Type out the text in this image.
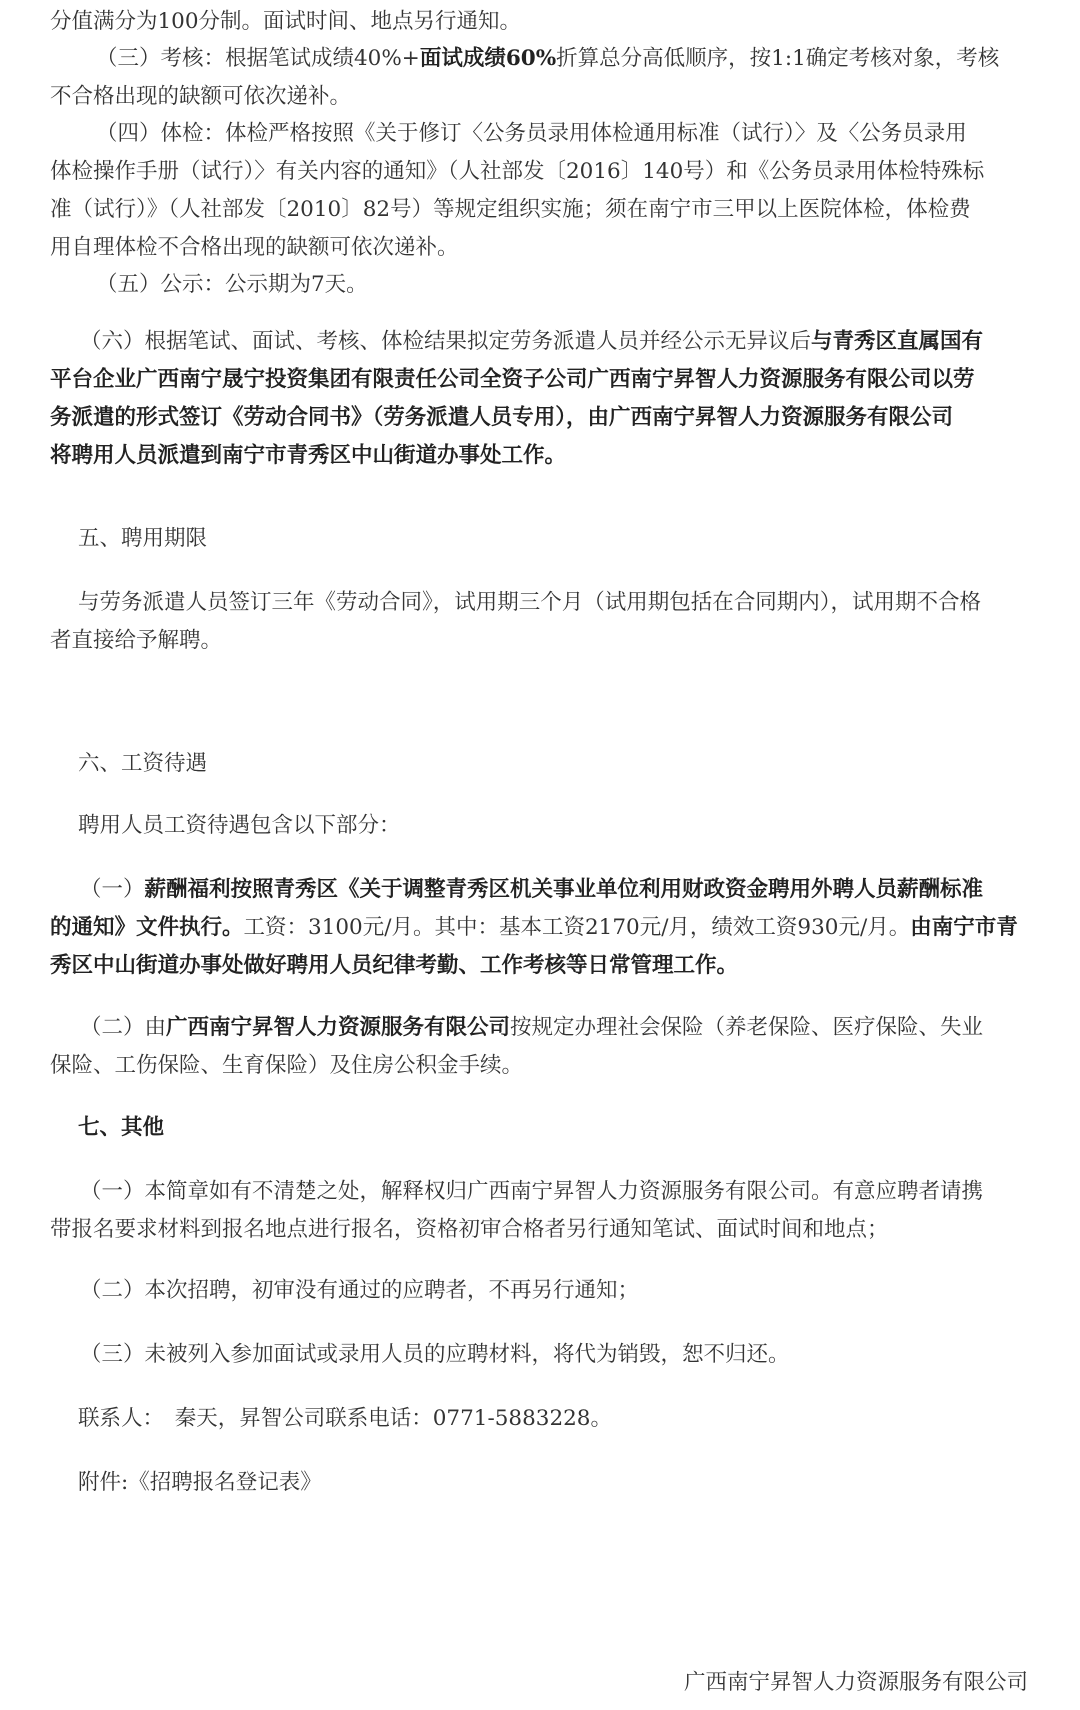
分值满分为100分制。面试时间、地点另行通知。

（三）考核：根据笔试成绩40%+面试成绩60%折算总分高低顺序，按1:1确定考核对象，考核
不合格出现的缺额可依次递补。

（四）体检：体检严格按照《关于修订〈公务员录用体检通用标准（试行）〉及〈公务员录用
体检操作手册（试行）〉有关内容的通知》（人社部发〔2016〕140号）和《公务员录用体检特殊标
准（试行）》（人社部发〔2010〕82号）等规定组织实施；须在南宁市三甲以上医院体检，体检费
用自理体检不合格出现的缺额可依次递补。

（五）公示：公示期为7天。

（六）根据笔试、面试、考核、体检结果拟定劳务派遣人员并经公示无异议后与青秀区直属国有
平台企业广西南宁晟宁投资集团有限责任公司全资子公司广西南宁昇智人力资源服务有限公司以劳
务派遣的形式签订《劳动合同书》（劳务派遣人员专用），由广西南宁昇智人力资源服务有限公司
将聘用人员派遣到南宁市青秀区中山街道办事处工作。

五、聘用期限

与劳务派遣人员签订三年《劳动合同》，试用期三个月（试用期包括在合同期内），试用期不合格
者直接给予解聘。

六、工资待遇

聘用人员工资待遇包含以下部分：

（一）薪酬福利按照青秀区《关于调整青秀区机关事业单位利用财政资金聘用外聘人员薪酬标准
的通知》文件执行。工资：3100元/月。其中：基本工资2170元/月，绩效工资930元/月。由南宁市青
秀区中山街道办事处做好聘用人员纪律考勤、工作考核等日常管理工作。

（二）由广西南宁昇智人力资源服务有限公司按规定办理社会保险（养老保险、医疗保险、失业
保险、工伤保险、生育保险）及住房公积金手续。

七、其他

（一）本简章如有不清楚之处，解释权归广西南宁昇智人力资源服务有限公司。有意应聘者请携
带报名要求材料到报名地点进行报名，资格初审合格者另行通知笔试、面试时间和地点；

（二）本次招聘，初审没有通过的应聘者，不再另行通知；

（三）未被列入参加面试或录用人员的应聘材料，将代为销毁，恕不归还。

联系人：　秦天，昇智公司联系电话：0771-5883228。

附件:《招聘报名登记表》

广西南宁昇智人力资源服务有限公司
